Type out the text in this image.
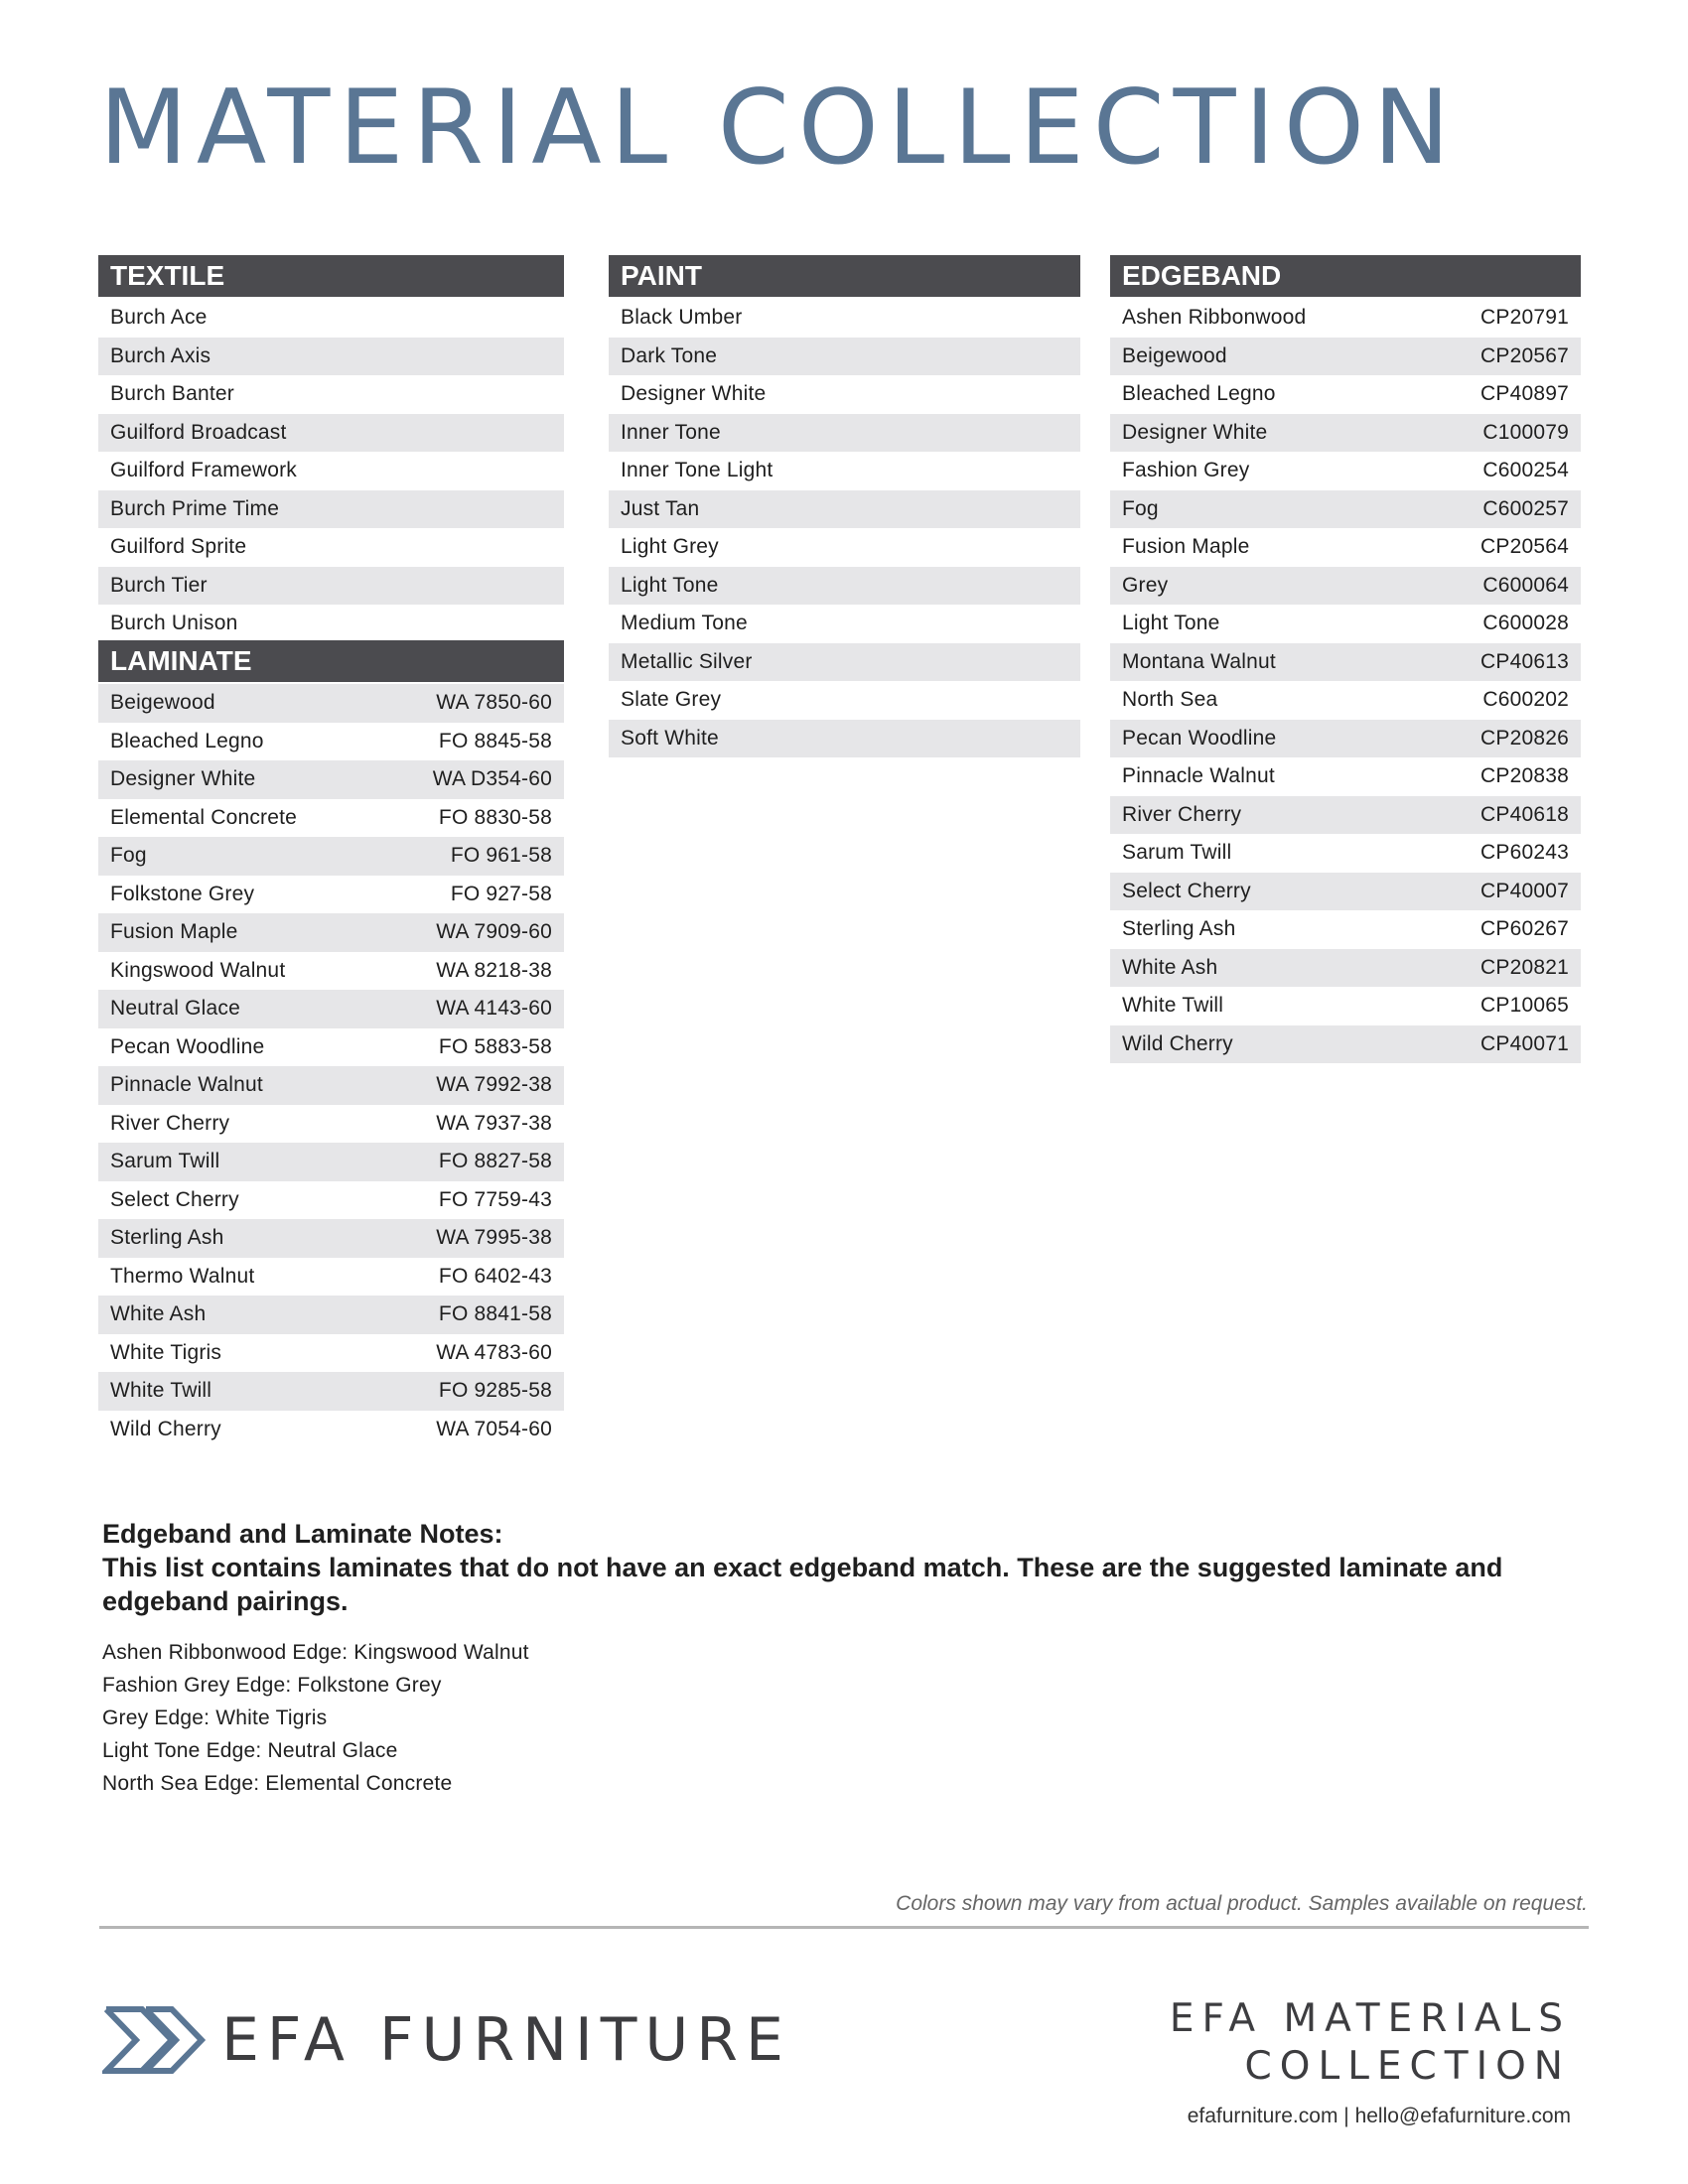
MATERIAL COLLECTION
TEXTILE
Burch Ace
Burch Axis
Burch Banter
Guilford Broadcast
Guilford Framework
Burch Prime Time
Guilford Sprite
Burch Tier
Burch Unison
LAMINATE
Beigewood	WA 7850-60
Bleached Legno	FO 8845-58
Designer White	WA D354-60
Elemental Concrete	FO 8830-58
Fog	FO 961-58
Folkstone Grey	FO 927-58
Fusion Maple	WA 7909-60
Kingswood Walnut	WA 8218-38
Neutral Glace	WA 4143-60
Pecan Woodline	FO 5883-58
Pinnacle Walnut	WA 7992-38
River Cherry	WA 7937-38
Sarum Twill	FO 8827-58
Select Cherry	FO 7759-43
Sterling Ash	WA 7995-38
Thermo Walnut	FO 6402-43
White Ash	FO 8841-58
White Tigris	WA 4783-60
White Twill	FO 9285-58
Wild Cherry	WA 7054-60
PAINT
Black Umber
Dark Tone
Designer White
Inner Tone
Inner Tone Light
Just Tan
Light Grey
Light Tone
Medium Tone
Metallic Silver
Slate Grey
Soft White
EDGEBAND
Ashen Ribbonwood	CP20791
Beigewood	CP20567
Bleached Legno	CP40897
Designer White	C100079
Fashion Grey	C600254
Fog	C600257
Fusion Maple	CP20564
Grey	C600064
Light Tone	C600028
Montana Walnut	CP40613
North Sea	C600202
Pecan Woodline	CP20826
Pinnacle Walnut	CP20838
River Cherry	CP40618
Sarum Twill	CP60243
Select Cherry	CP40007
Sterling Ash	CP60267
White Ash	CP20821
White Twill	CP10065
Wild Cherry	CP40071

Edgeband and Laminate Notes:

This list contains laminates that do not have an exact edgeband match. These are the suggested laminate and edgeband pairings.

Ashen Ribbonwood Edge: Kingswood Walnut
Fashion Grey Edge: Folkstone Grey
Grey Edge: White Tigris
Light Tone Edge: Neutral Glace
North Sea Edge: Elemental Concrete
Colors shown may vary from actual product. Samples available on request.
EFA FURNITURE	EFA MATERIALS
COLLECTION
efafurniture.com | hello@efafurniture.com
